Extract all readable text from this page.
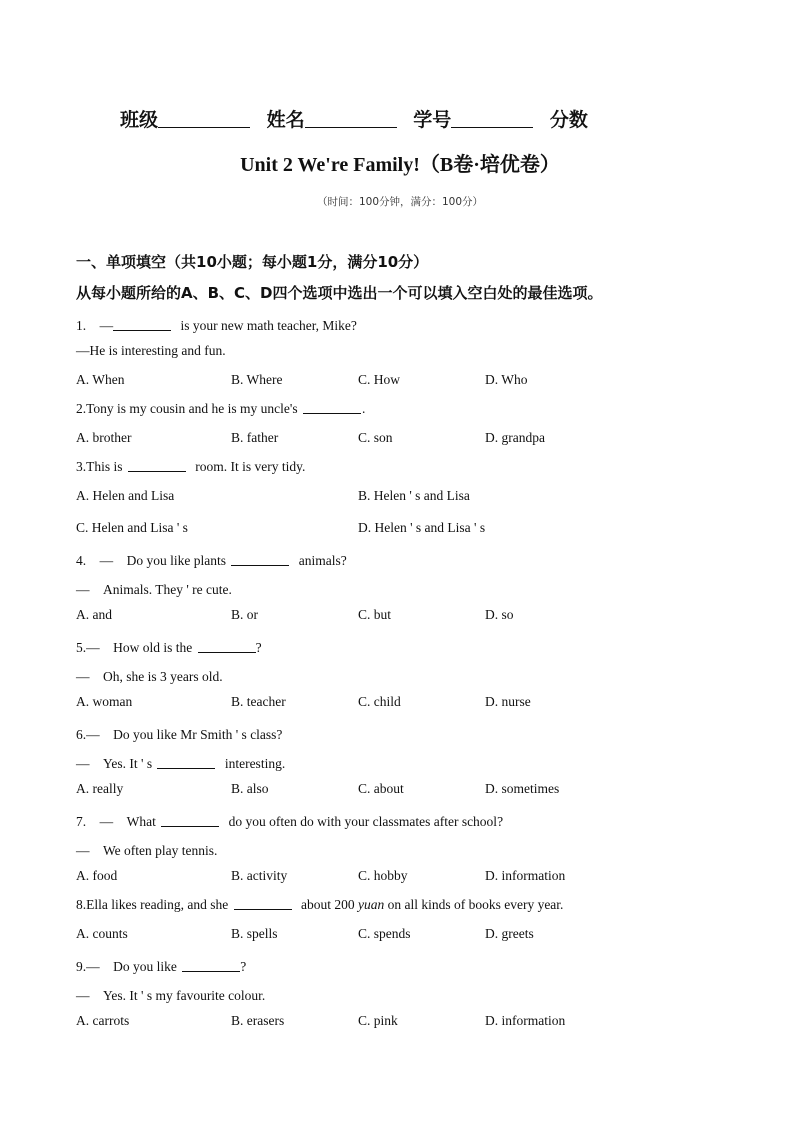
班级	姓名	学号	分数
Unit 2 We're Family!（B卷·培优卷）
（时间：100分钟，满分：100分）
一、单项填空（共10小题；每小题1分，满分10分）
从每小题所给的A、B、C、D四个选项中选出一个可以填入空白处的最佳选项。
1.　—	is your new math teacher, Mike?
—He is interesting and fun.
A. When	B. Where	C. How	D. Who
2.Tony is my cousin and he is my uncle's	.
A. brother	B. father	C. son	D. grandpa
3.This is	room. It is very tidy.
A. Helen and Lisa	B. Helen ' s and Lisa
C. Helen and Lisa ' s	D. Helen ' s and Lisa ' s
4.　—　Do you like plants	animals?
—　Animals. They ' re cute.
A. and	B. or	C. but	D. so
5.—　How old is the	?
—　Oh, she is 3 years old.
A. woman	B. teacher	C. child	D. nurse
6.—　Do you like Mr Smith ' s class?
—　Yes. It ' s	interesting.
A. really	B. also	C. about	D. sometimes
7.　—　What	do you often do with your classmates after school?
—　We often play tennis.
A. food	B. activity	C. hobby	D. information
8.Ella likes reading, and she	about 200 yuan on all kinds of books every year.
A. counts	B. spells	C. spends	D. greets
9.—　Do you like	?
—　Yes. It ' s my favourite colour.
A. carrots	B. erasers	C. pink	D. information
